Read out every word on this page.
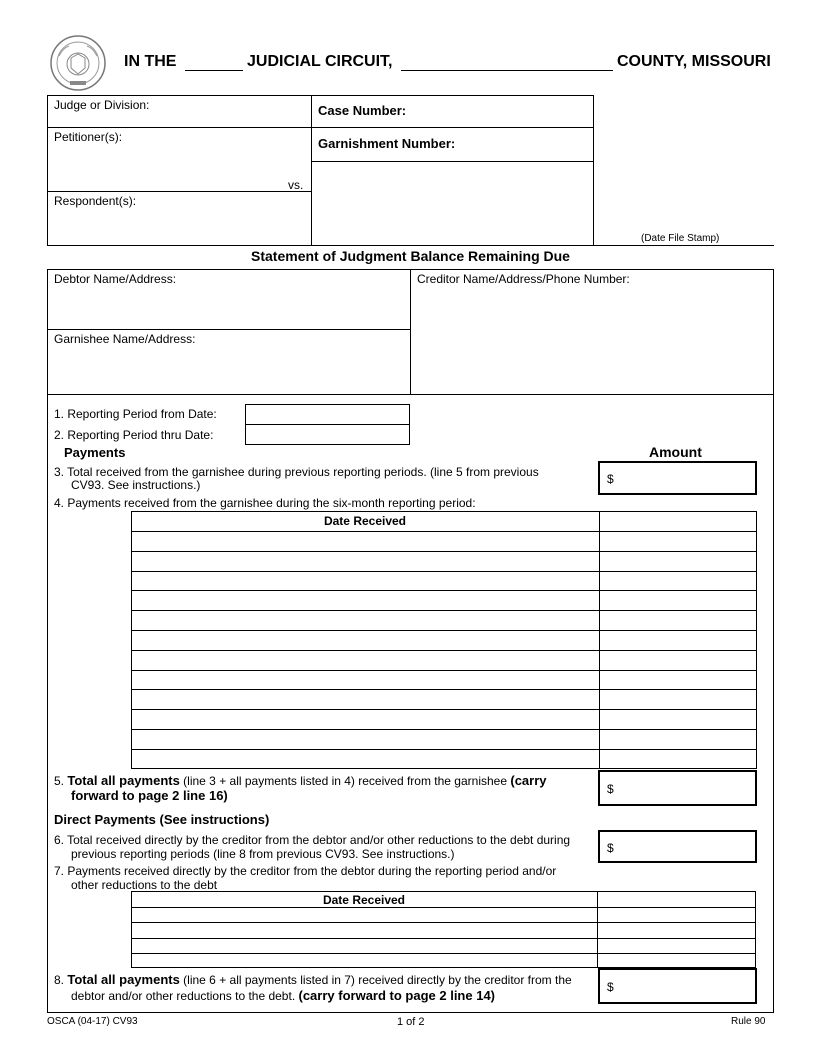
IN THE	JUDICIAL CIRCUIT,	COUNTY, MISSOURI
Judge or Division:
Petitioner(s):
vs.
Respondent(s):
Case Number:
Garnishment Number:
(Date File Stamp)
Statement of Judgment Balance Remaining Due
Debtor Name/Address:
Garnishee Name/Address:
Creditor Name/Address/Phone Number:
1. Reporting Period from Date:
2. Reporting Period thru Date:
Payments	Amount
3. Total received from the garnishee during previous reporting periods. (line 5 from previous
CV93. See instructions.)	$
4. Payments received from the garnishee during the six-month reporting period:
Date Received
5. Total all payments (line 3 + all payments listed in 4) received from the garnishee (carry
forward to page 2 line 16)	$
Direct Payments (See instructions)
6. Total received directly by the creditor from the debtor and/or other reductions to the debt during
previous reporting periods (line 8 from previous CV93. See instructions.)	$
7. Payments received directly by the creditor from the debtor during the reporting period and/or
other reductions to the debt
Date Received
8. Total all payments (line 6 + all payments listed in 7) received directly by the creditor from the
debtor and/or other reductions to the debt. (carry forward to page 2 line 14)
$
OSCA (04-17) CV93	1 of 2	Rule 90
